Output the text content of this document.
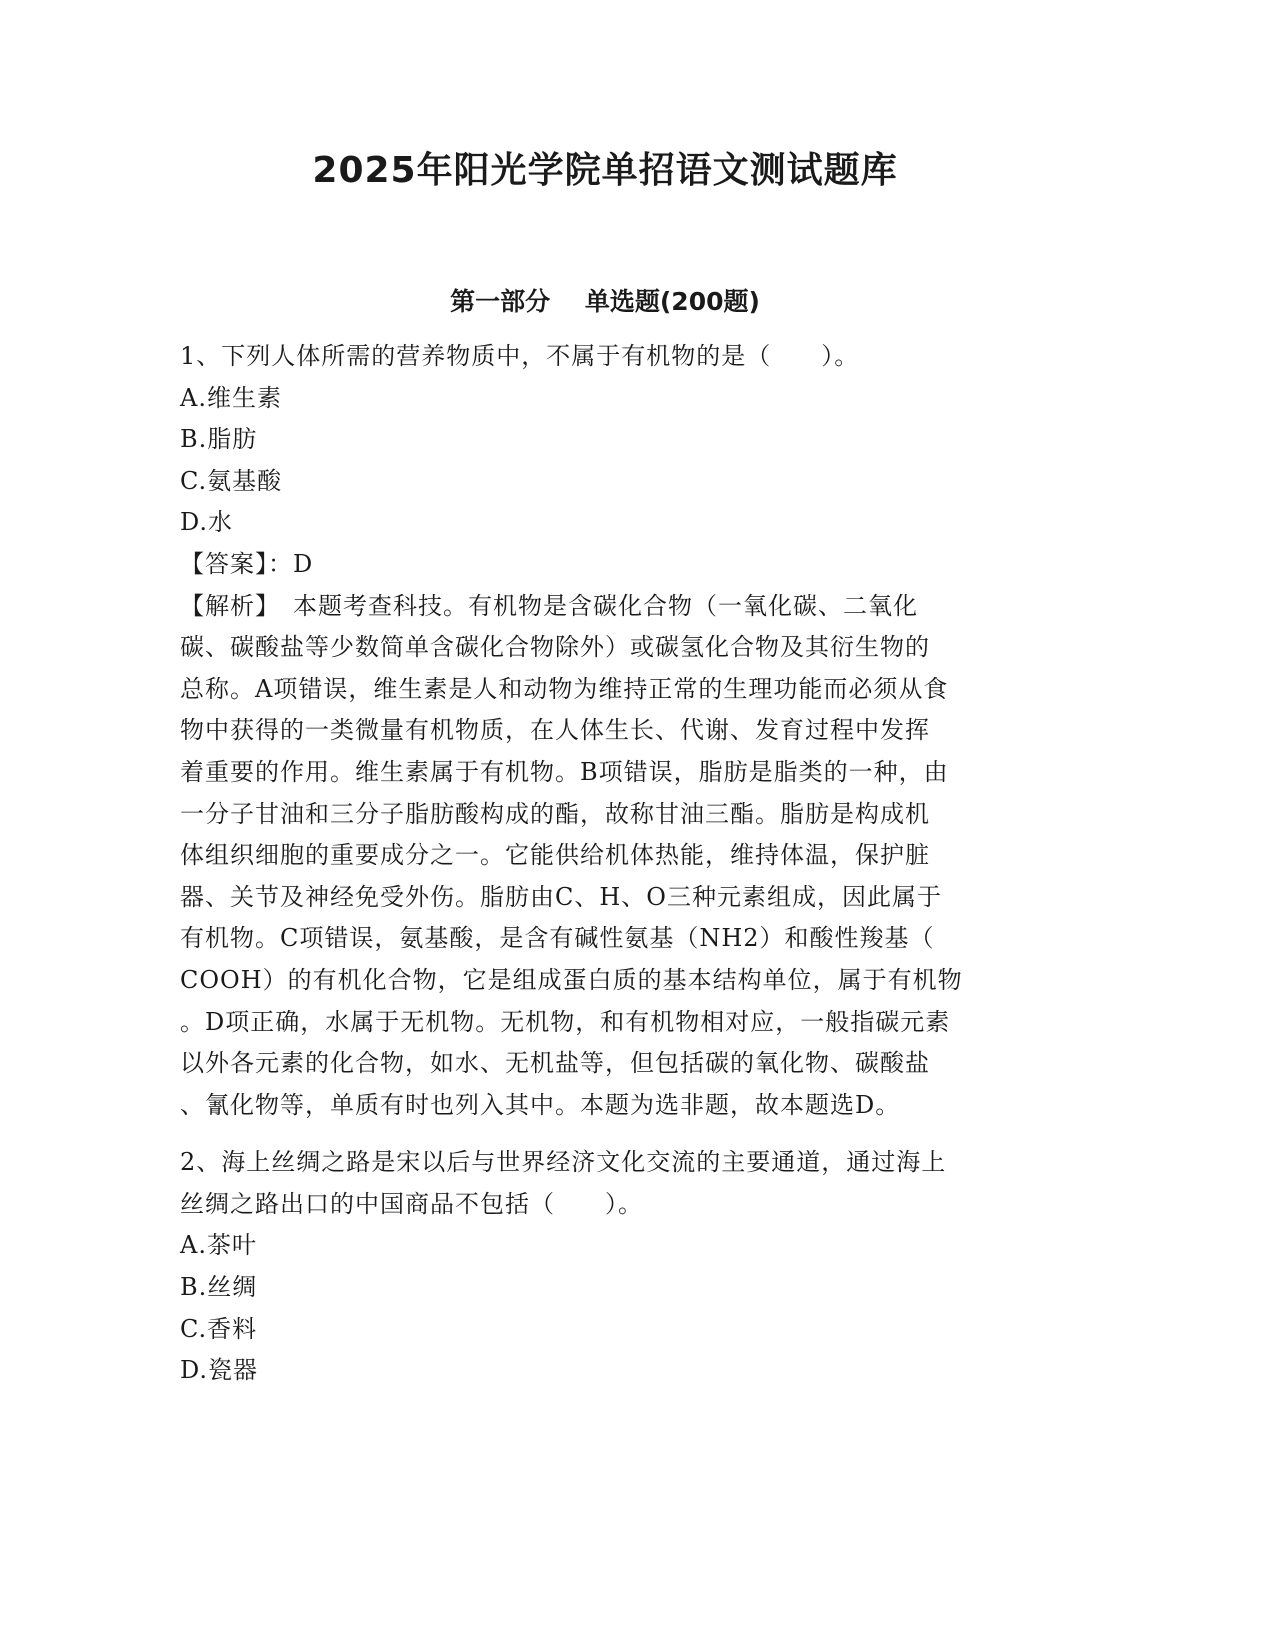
2025年阳光学院单招语文测试题库
第一部分    单选题(200题)

1、下列人体所需的营养物质中，不属于有机物的是（　　）。

A.维生素

B.脂肪

C.氨基酸

D.水

【答案】：D

【解析】　本题考查科技。有机物是含碳化合物（一氧化碳、二氧化

碳、碳酸盐等少数简单含碳化合物除外）或碳氢化合物及其衍生物的

总称。A项错误，维生素是人和动物为维持正常的生理功能而必须从食

物中获得的一类微量有机物质，在人体生长、代谢、发育过程中发挥

着重要的作用。维生素属于有机物。B项错误，脂肪是脂类的一种，由

一分子甘油和三分子脂肪酸构成的酯，故称甘油三酯。脂肪是构成机

体组织细胞的重要成分之一。它能供给机体热能，维持体温，保护脏

器、关节及神经免受外伤。脂肪由C、H、O三种元素组成，因此属于

有机物。C项错误，氨基酸，是含有碱性氨基（NH2）和酸性羧基（

COOH）的有机化合物，它是组成蛋白质的基本结构单位，属于有机物

。D项正确，水属于无机物。无机物，和有机物相对应，一般指碳元素

以外各元素的化合物，如水、无机盐等，但包括碳的氧化物、碳酸盐

、氰化物等，单质有时也列入其中。本题为选非题，故本题选D。

2、海上丝绸之路是宋以后与世界经济文化交流的主要通道，通过海上

丝绸之路出口的中国商品不包括（　　）。

A.茶叶

B.丝绸

C.香料

D.瓷器
